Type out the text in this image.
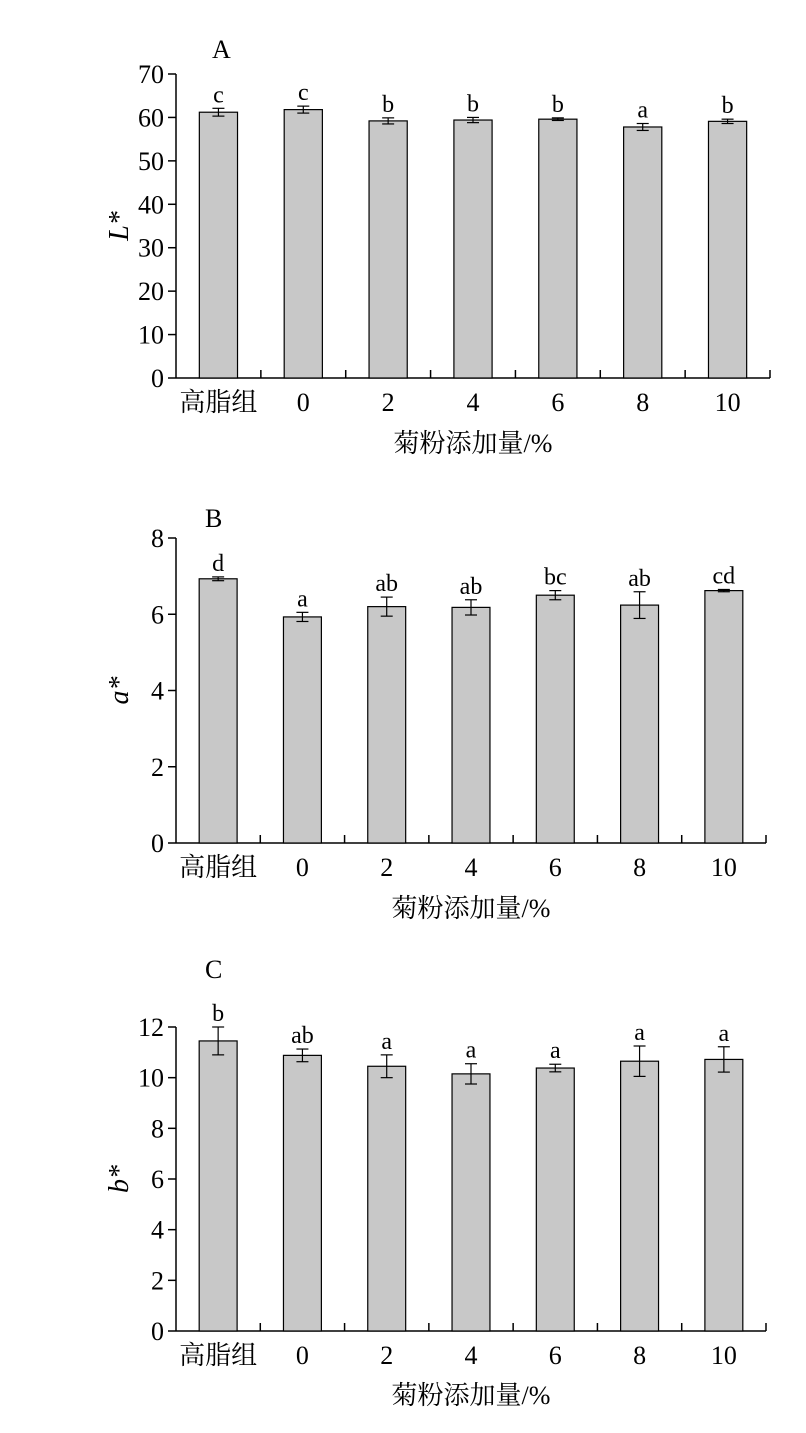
A
0
10
20
30
40
50
60
70
c
高脂组
c
0
b
2
b
4
b
6
a
8
b
10
L*
菊粉添加量/%
B
0
2
4
6
8
d
高脂组
a
0
ab
2
ab
4
bc
6
ab
8
cd
10
a*
菊粉添加量/%
C
0
2
4
6
8
10
12 b
高脂组
ab
0
a
2
a
4
a
6
a
8
a
10
b*
菊粉添加量/%
